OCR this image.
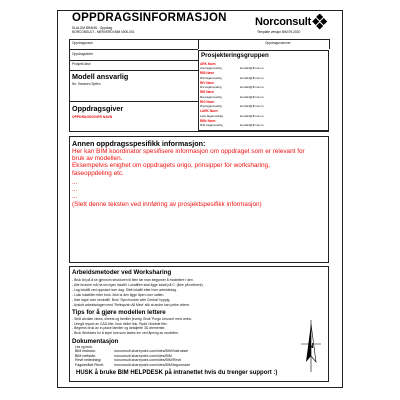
OPPDRAGSINFORMASJON
SLALOM BRANN - Oppdrag
NORCONSULT - MERVERDI BIM 0000-001
Norconsult
Template versjon BIM 09-2020
Oppdragsnavn	Oppdragsnummer
Oppdragsleder
Prosjekt-fase
Modell ansvarlig
Nn: Sammen Sjefen
Oppdragsgiver
OPPDRAGSGIVER NAVN
Prosjekteringsgruppen
ARK Navn
Ark-fagansvarlig	kontakt@firma.no
RIB Navn
Rib-fagansvarlig	kontakt@firma.no
RIV Navn
Riv-fagansvarlig	kontakt@firma.no
RIE Navn
Rie-fagansvarlig	kontakt@firma.no
RIG Navn
Rig-fagansvarlig	kontakt@firma.no
LARK Navn
Lark-fagansvarlig	kontakt@firma.no
RIBr Navn
Ribr-fagansvarlig	kontakt@firma.no
Annen oppdragsspesifikk informasjon:
Her kan BIM koordinator spesifisere informasjon om oppdraget som er relevant for
bruk av modellen.
Eksempelvis enighet om oppdragets origo, prinsipper for worksharing,
faseoppdeling etc.
...
...
...
(Slett denne teksten ved innføring av prosjektspesifikk informasjon)
Arbeidsmetoder ved Worksharing
- Bruk tid på å se gjennom strukturen til filen før man begynner å modellere i den.
- Alle brukere må ha sin egen lokalfil. Lokalfilen skal ligge lokalt på C: (ikke på nettverk).
- Lag lokalfil ved oppstart hver dag. Slett lokalfil etter hver arbeidsdag.
- Lukk lokalfilen etter bruk. Ikke la den ligge åpen over natten.
- Ikke lagre over sentralfil. Bruk 'Synchronize with Central' hyppig.
- Avslutt arbeidsdagen med 'Relinquish All Mine' slik at andre kan jobbe videre.
Tips for å gjøre modellen lettere
- Slett ubrukte views, sheets og familier jevnlig. Bruk 'Purge Unused' med omhu.
- Unngå import av CAD-filer, bruk heller link. Rydd i linkede filer.
- Begrens bruk av in-place familier og detaljerte 3D-elementer.
- Bruk Worksets for å styre hva som lastes inn ved åpning av modellen.
Dokumentasjon
Les og bruk:
BIM instruks:	norconsult.sharepoint.com/sites/BIM/instrukser
BIM nettside:	norconsult.sharepoint.com/sites/BIM
Revit veiledning:	norconsult.sharepoint.com/sites/BIM/Revit
Fagområde Revit:	norconsult.sharepoint.com/sites/BIM/fagomrade
HUSK å bruke BIM HELPDESK på intranettet hvis du trenger support :)
N
